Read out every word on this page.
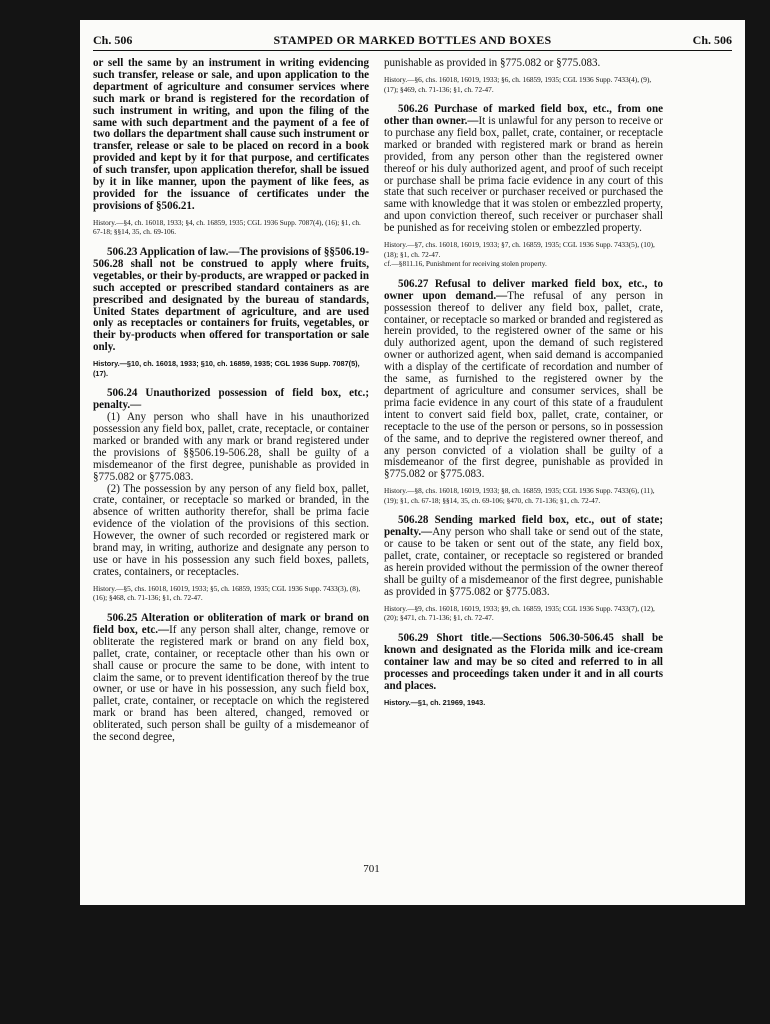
Ch. 506	STAMPED OR MARKED BOTTLES AND BOXES	Ch. 506

or sell the same by an instrument in writing evidencing such transfer, release or sale, and upon application to the department of agriculture and consumer services where such mark or brand is registered for the recordation of such instrument in writing, and upon the filing of the same with such department and the payment of a fee of two dollars the department shall cause such instrument or transfer, release or sale to be placed on record in a book provided and kept by it for that purpose, and certificates of such transfer, upon application therefor, shall be issued by it in like manner, upon the payment of like fees, as provided for the issuance of certificates under the provisions of §506.21.

History.—§4, ch. 16018, 1933; §4, ch. 16859, 1935; CGL 1936 Supp. 7087(4), (16); §1, ch. 67-18; §§14, 35, ch. 69-106.

506.23 Application of law.—The provisions of §§506.19-506.28 shall not be construed to apply where fruits, vegetables, or their by-products, are wrapped or packed in such accepted or prescribed standard containers as are prescribed and designated by the bureau of standards, United States department of agriculture, and are used only as receptacles or containers for fruits, vegetables, or their by-products when offered for transportation or sale only.

History.—§10, ch. 16018, 1933; §10, ch. 16859, 1935; CGL 1936 Supp. 7087(5), (17).

506.24 Unauthorized possession of field box, etc.; penalty.—

(1) Any person who shall have in his unauthorized possession any field box, pallet, crate, receptacle, or container marked or branded with any mark or brand registered under the provisions of §§506.19-506.28, shall be guilty of a misdemeanor of the first degree, punishable as provided in §775.082 or §775.083.

(2) The possession by any person of any field box, pallet, crate, container, or receptacle so marked or branded, in the absence of written authority therefor, shall be prima facie evidence of the violation of the provisions of this section. However, the owner of such recorded or registered mark or brand may, in writing, authorize and designate any person to use or have in his possession any such field boxes, pallets, crates, containers, or receptacles.

History.—§5, chs. 16018, 16019, 1933; §5, ch. 16859, 1935; CGL 1936 Supp. 7433(3), (8), (16); §468, ch. 71-136; §1, ch. 72-47.

506.25 Alteration or obliteration of mark or brand on field box, etc.—If any person shall alter, change, remove or obliterate the registered mark or brand on any field box, pallet, crate, container, or receptacle other than his own or shall cause or procure the same to be done, with intent to claim the same, or to prevent identification thereof by the true owner, or use or have in his possession, any such field box, pallet, crate, container, or receptacle on which the registered mark or brand has been altered, changed, removed or obliterated, such person shall be guilty of a misdemeanor of the second degree,

punishable as provided in §775.082 or §775.083.

History.—§6, chs. 16018, 16019, 1933; §6, ch. 16859, 1935; CGL 1936 Supp. 7433(4), (9), (17); §469, ch. 71-136; §1, ch. 72-47.

506.26 Purchase of marked field box, etc., from one other than owner.—It is unlawful for any person to receive or to purchase any field box, pallet, crate, container, or receptacle marked or branded with registered mark or brand as herein provided, from any person other than the registered owner thereof or his duly authorized agent, and proof of such receipt or purchase shall be prima facie evidence in any court of this state that such receiver or purchaser received or purchased the same with knowledge that it was stolen or embezzled property, and upon conviction thereof, such receiver or purchaser shall be punished as for receiving stolen or embezzled property.

History.—§7, chs. 16018, 16019, 1933; §7, ch. 16859, 1935; CGL 1936 Supp. 7433(5), (10), (18); §1, ch. 72-47.

cf.—§811.16, Punishment for receiving stolen property.

506.27 Refusal to deliver marked field box, etc., to owner upon demand.—The refusal of any person in possession thereof to deliver any field box, pallet, crate, container, or receptacle so marked or branded and registered as herein provided, to the registered owner of the same or his duly authorized agent, upon the demand of such registered owner or authorized agent, when said demand is accompanied with a display of the certificate of recordation and number of the same, as furnished to the registered owner by the department of agriculture and consumer services, shall be prima facie evidence in any court of this state of a fraudulent intent to convert said field box, pallet, crate, container, or receptacle to the use of the person or persons, so in possession of the same, and to deprive the registered owner thereof, and any person convicted of a violation shall be guilty of a misdemeanor of the first degree, punishable as provided in §775.082 or §775.083.

History.—§8, chs. 16018, 16019, 1933; §8, ch. 16859, 1935; CGL 1936 Supp. 7433(6), (11), (19); §1, ch. 67-18; §§14, 35, ch. 69-106; §470, ch. 71-136; §1, ch. 72-47.

506.28 Sending marked field box, etc., out of state; penalty.—Any person who shall take or send out of the state, or cause to be taken or sent out of the state, any field box, pallet, crate, container, or receptacle so registered or branded as herein provided without the permission of the owner thereof shall be guilty of a misdemeanor of the first degree, punishable as provided in §775.082 or §775.083.

History.—§9, chs. 16018, 16019, 1933; §9, ch. 16859, 1935; CGL 1936 Supp. 7433(7), (12), (20); §471, ch. 71-136; §1, ch. 72-47.

506.29 Short title.—Sections 506.30-506.45 shall be known and designated as the Florida milk and ice-cream container law and may be so cited and referred to in all processes and proceedings taken under it and in all courts and places.

History.—§1, ch. 21969, 1943.

701
